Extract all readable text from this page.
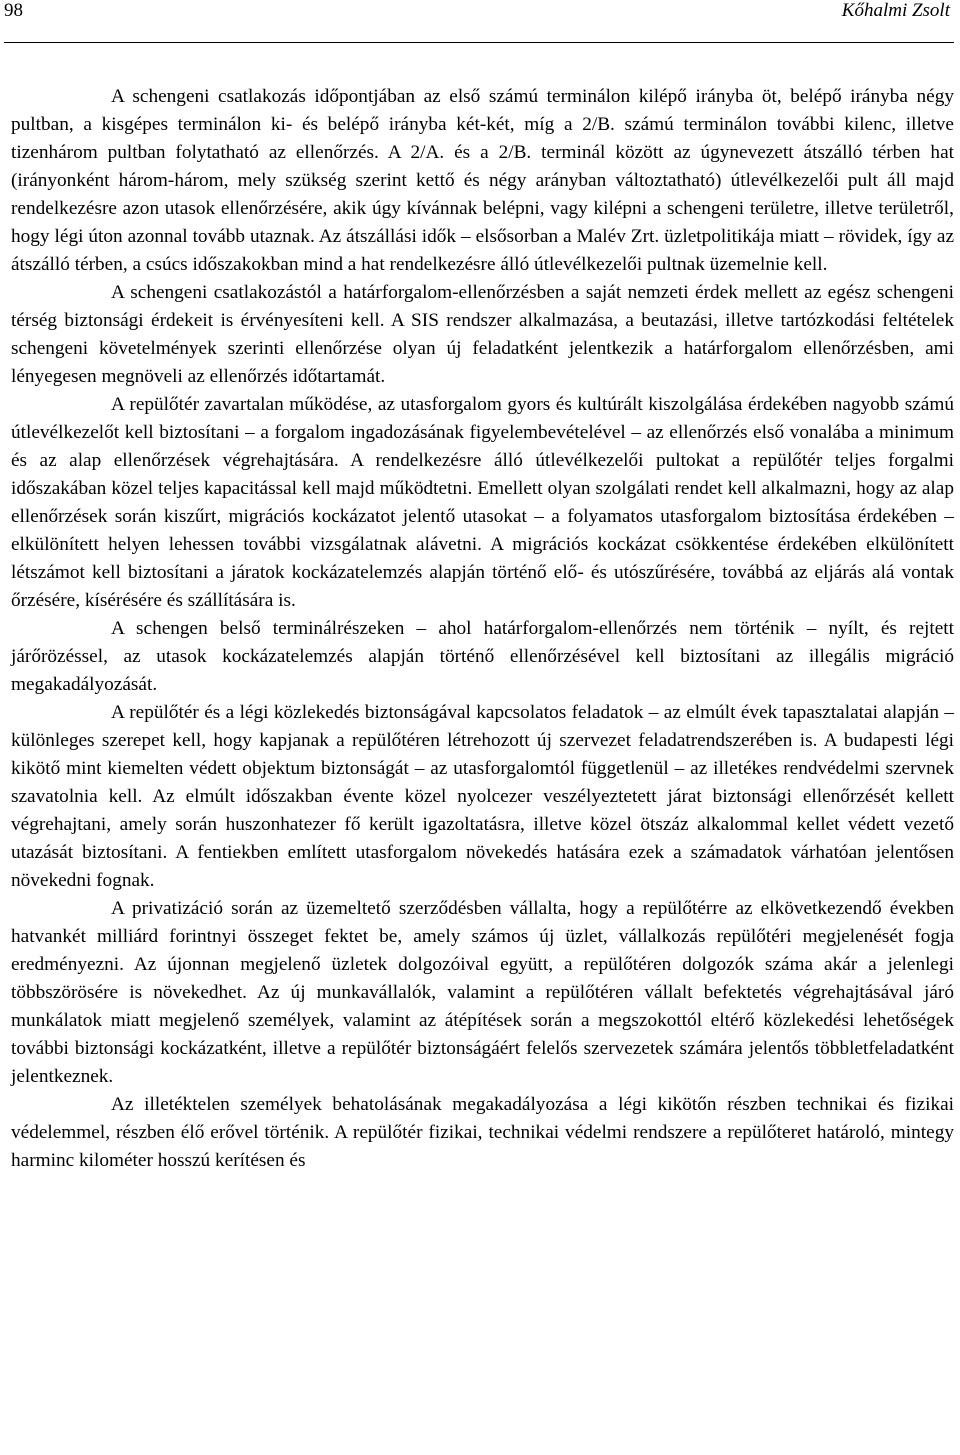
98	Kőhalmi Zsolt

A schengeni csatlakozás időpontjában az első számú terminálon kilépő irányba öt, belépő irányba négy pultban, a kisgépes terminálon ki- és belépő irányba két-két, míg a 2/B. számú terminálon további kilenc, illetve tizenhárom pultban folytatható az ellenőrzés. A 2/A. és a 2/B. terminál között az úgynevezett átszálló térben hat (irányonként három-három, mely szükség szerint kettő és négy arányban változtatható) útlevélkezelői pult áll majd rendelkezésre azon utasok ellenőrzésére, akik úgy kívánnak belépni, vagy kilépni a schengeni területre, illetve területről, hogy légi úton azonnal tovább utaznak. Az átszállási idők – elsősorban a Malév Zrt. üzletpolitikája miatt – rövidek, így az átszálló térben, a csúcs időszakokban mind a hat rendelkezésre álló útlevélkezelői pultnak üzemelnie kell.

A schengeni csatlakozástól a határforgalom-ellenőrzésben a saját nemzeti érdek mellett az egész schengeni térség biztonsági érdekeit is érvényesíteni kell. A SIS rendszer alkalmazása, a beutazási, illetve tartózkodási feltételek schengeni követelmények szerinti ellenőrzése olyan új feladatként jelentkezik a határforgalom ellenőrzésben, ami lényegesen megnöveli az ellenőrzés időtartamát.

A repülőtér zavartalan működése, az utasforgalom gyors és kultúrált kiszolgálása érdekében nagyobb számú útlevélkezelőt kell biztosítani – a forgalom ingadozásának figyelembevételével – az ellenőrzés első vonalába a minimum és az alap ellenőrzések végrehajtására. A rendelkezésre álló útlevélkezelői pultokat a repülőtér teljes forgalmi időszakában közel teljes kapacitással kell majd működtetni. Emellett olyan szolgálati rendet kell alkalmazni, hogy az alap ellenőrzések során kiszűrt, migrációs kockázatot jelentő utasokat – a folyamatos utasforgalom biztosítása érdekében – elkülönített helyen lehessen további vizsgálatnak alávetni. A migrációs kockázat csökkentése érdekében elkülönített létszámot kell biztosítani a járatok kockázatelemzés alapján történő elő- és utószűrésére, továbbá az eljárás alá vontak őrzésére, kísérésére és szállítására is.

A schengen belső terminálrészeken – ahol határforgalom-ellenőrzés nem történik – nyílt, és rejtett járőrözéssel, az utasok kockázatelemzés alapján történő ellenőrzésével kell biztosítani az illegális migráció megakadályozását.

A repülőtér és a légi közlekedés biztonságával kapcsolatos feladatok – az elmúlt évek tapasztalatai alapján – különleges szerepet kell, hogy kapjanak a repülőtéren létrehozott új szervezet feladatrendszerében is. A budapesti légi kikötő mint kiemelten védett objektum biztonságát – az utasforgalomtól függetlenül – az illetékes rendvédelmi szervnek szavatolnia kell. Az elmúlt időszakban évente közel nyolcezer veszélyeztetett járat biztonsági ellenőrzését kellett végrehajtani, amely során huszonhatezer fő került igazoltatásra, illetve közel ötszáz alkalommal kellet védett vezető utazását biztosítani. A fentiekben említett utasforgalom növekedés hatására ezek a számadatok várhatóan jelentősen növekedni fognak.

A privatizáció során az üzemeltető szerződésben vállalta, hogy a repülőtérre az elkövetkezendő években hatvankét milliárd forintnyi összeget fektet be, amely számos új üzlet, vállalkozás repülőtéri megjelenését fogja eredményezni. Az újonnan megjelenő üzletek dolgozóival együtt, a repülőtéren dolgozók száma akár a jelenlegi többszörösére is növekedhet. Az új munkavállalók, valamint a repülőtéren vállalt befektetés végrehajtásával járó munkálatok miatt megjelenő személyek, valamint az átépítések során a megszokottól eltérő közlekedési lehetőségek további biztonsági kockázatként, illetve a repülőtér biztonságáért felelős szervezetek számára jelentős többletfeladatként jelentkeznek.

Az illetéktelen személyek behatolásának megakadályozása a légi kikötőn részben technikai és fizikai védelemmel, részben élő erővel történik. A repülőtér fizikai, technikai védelmi rendszere a repülőteret határoló, mintegy harminc kilométer hosszú kerítésen és
